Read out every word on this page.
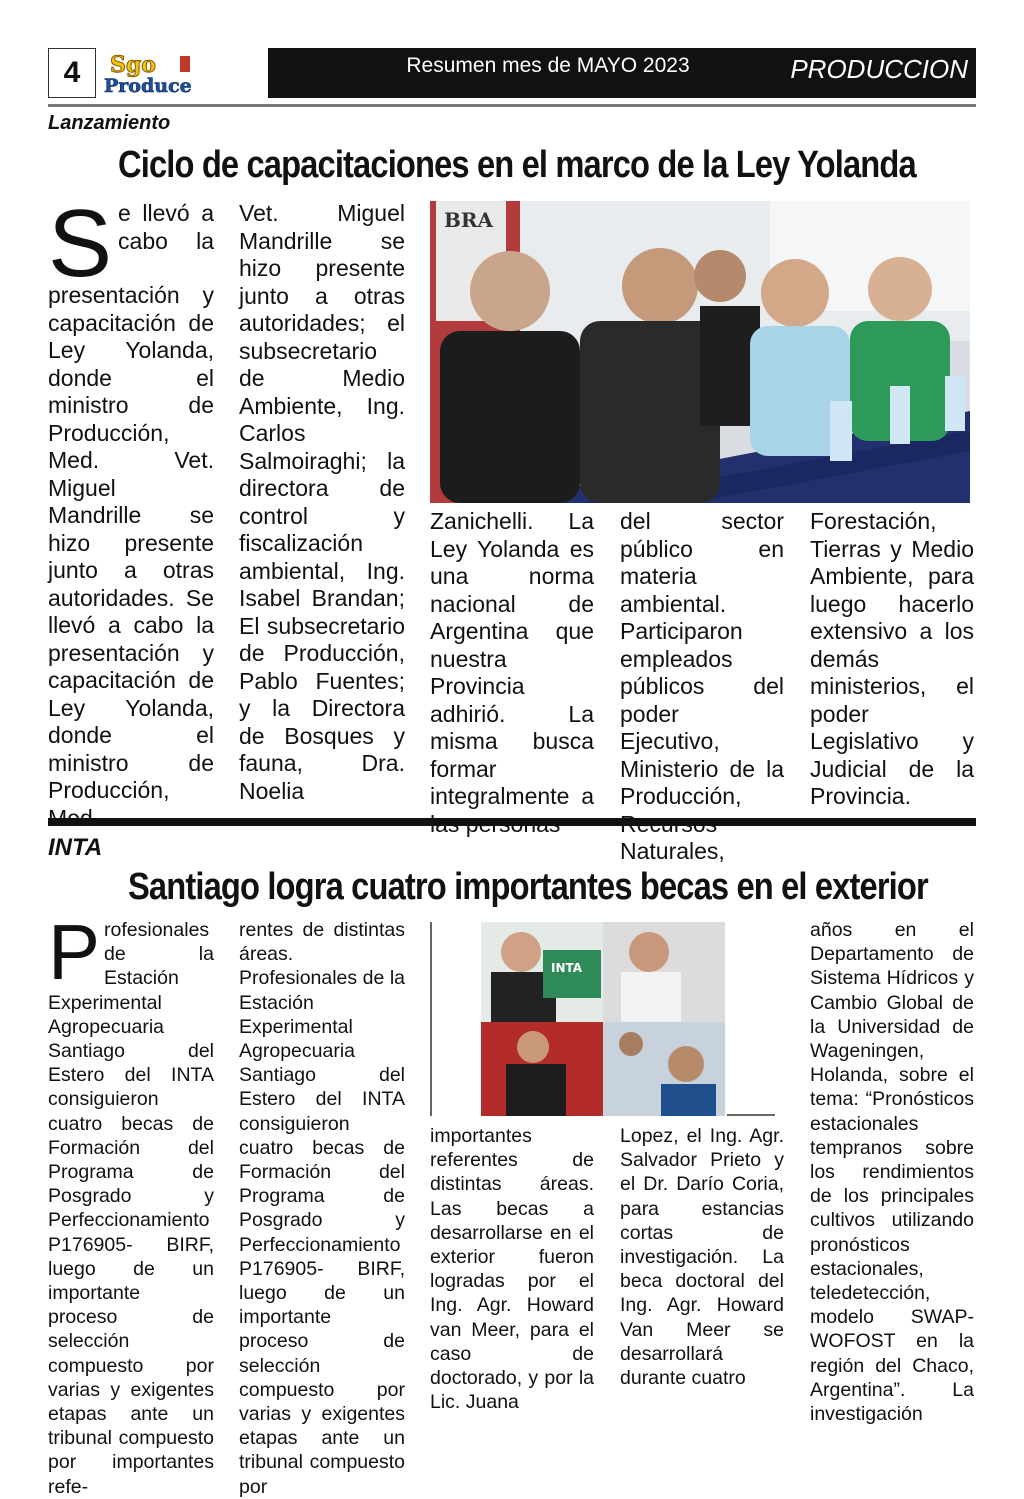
4	Sgo
Produce
Resumen mes de MAYO 2023	PRODUCCION
Lanzamiento
Ciclo de capacitaciones en el marco de la Ley Yolanda
Se llevó a cabo la presentación y capacitación de Ley Yolanda, donde el ministro de Producción, Med. Vet. Miguel Mandrille se hizo presente junto a otras autoridades. Se llevó a cabo la presentación y capacitación de Ley Yolanda, donde el ministro de Producción,
Vet. Miguel Mandrille se hizo presente junto a otras autoridades; el subsecretario de Medio Ambiente, Ing. Carlos Salmoiraghi; la directora de control y fiscalización ambiental, Ing. Isabel Brandan; El subsecretario de Producción, Pablo Fuentes; y la Directora de Bosques y fauna, Dra. Noelia
BRA
Zanichelli. La Ley Yolanda es una norma nacional de Argentina que nuestra Provincia adhirió. La misma busca formar integralmente a
del sector público en materia ambiental. Participaron empleados públicos del poder Ejecutivo, Ministerio de la Producción, Naturales,
Forestación, Tierras y Medio Ambiente, para luego hacerlo extensivo a los demás ministerios, el poder Legislativo y Judicial de la Provincia.
INTA
Santiago logra cuatro importantes becas en el exterior
Profesionales de la Estación Experimental Agropecuaria Santiago del Estero del INTA consiguieron cuatro becas de Formación del Programa de Posgrado y Perfeccionamiento P176905- BIRF, luego de un importante proceso de selección compuesto por varias y exigentes etapas ante un tribunal compuesto por importantes refe-
rentes de distintas áreas. Profesionales de la Estación Experimental Agropecuaria Santiago del Estero del INTA consiguieron cuatro becas de Formación del Programa de Posgrado y Perfeccionamiento P176905- BIRF, luego de un importante proceso de selección compuesto por varias y exigentes etapas ante un tribunal compuesto por
INTA
importantes referentes de distintas áreas. Las becas a desarrollarse en el exterior fueron logradas por el Ing. Agr. Howard van Meer, para el caso de doctorado, y por la Lic. Juana
Lopez, el Ing. Agr. Salvador Prieto y el Dr. Darío Coria, para estancias cortas de investigación. La beca doctoral del Ing. Agr. Howard Van Meer se desarrollará durante cuatro
años en el Departamento de Sistema Hídricos y Cambio Global de la Universidad de Wageningen, Holanda, sobre el tema: “Pronósticos estacionales tempranos sobre los rendimientos de los principales cultivos utilizando pronósticos estacionales, teledetección, modelo SWAP-WOFOST en la región del Chaco, Argentina”. La investigación
